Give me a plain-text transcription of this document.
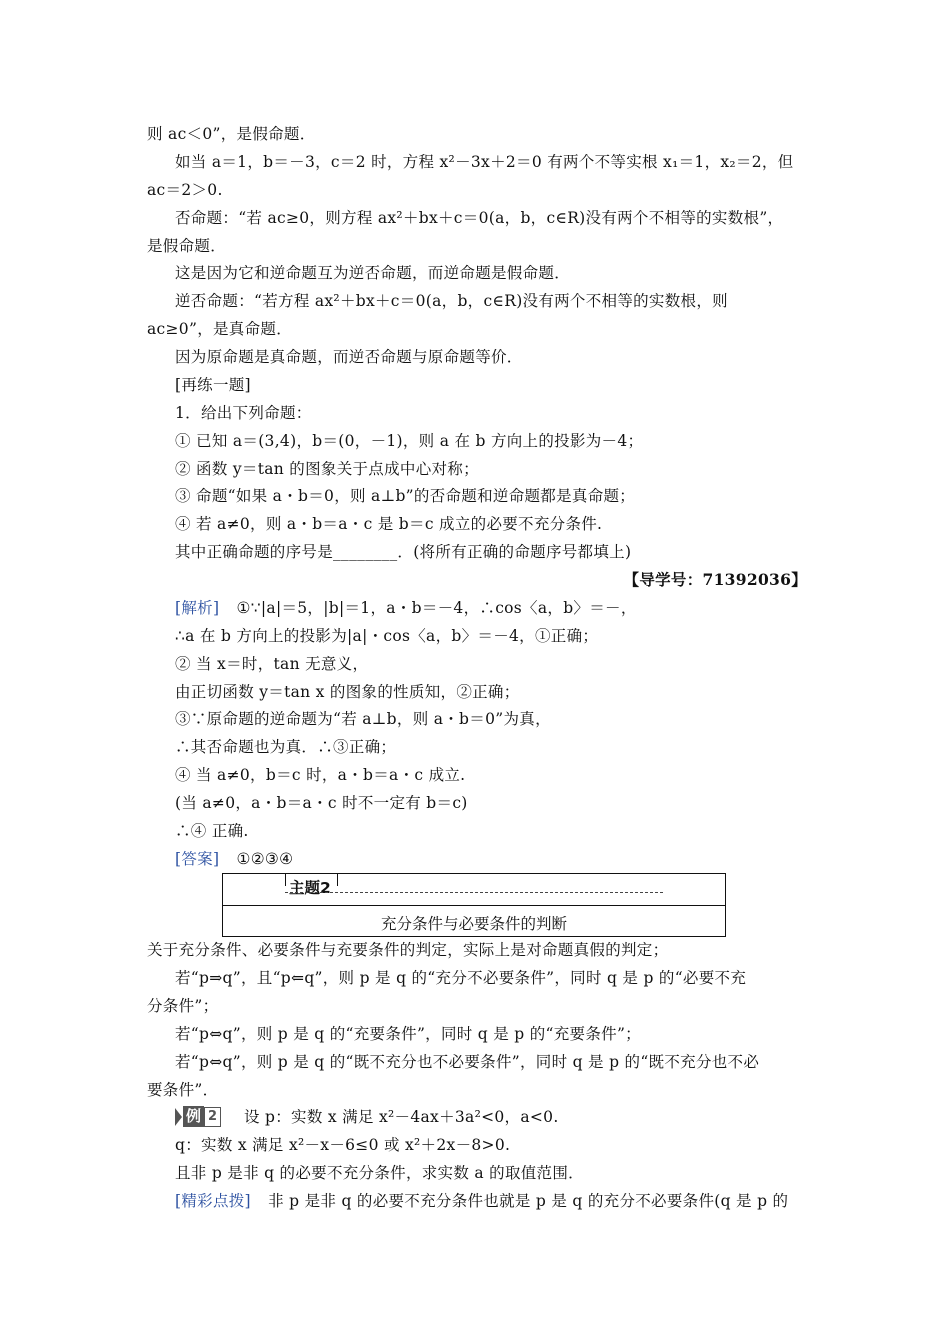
则 ac＜0”，是假命题．
如当 a＝1，b＝－3，c＝2 时，方程 x²－3x＋2＝0 有两个不等实根 x₁＝1，x₂＝2，但
ac＝2＞0.
否命题：“若 ac≥0，则方程 ax²＋bx＋c＝0(a，b，c∈R)没有两个不相等的实数根”，
是假命题．
这是因为它和逆命题互为逆否命题，而逆命题是假命题．
逆否命题：“若方程 ax²＋bx＋c＝0(a，b，c∈R)没有两个不相等的实数根，则
ac≥0”，是真命题．
因为原命题是真命题，而逆否命题与原命题等价．
[再练一题]
1．给出下列命题：
① 已知 a＝(3,4)，b＝(0，－1)，则 a 在 b 方向上的投影为－4；
② 函数 y＝tan 的图象关于点成中心对称；
③ 命题“如果 a・b＝0，则 a⊥b”的否命题和逆命题都是真命题；
④ 若 a≠0，则 a・b＝a・c 是 b＝c 成立的必要不充分条件.
其中正确命题的序号是________．(将所有正确的命题序号都填上)
【导学号：71392036】
[解析] ①∵|a|＝5，|b|＝1，a・b＝－4，∴cos〈a，b〉＝－，
∴a 在 b 方向上的投影为|a|・cos〈a，b〉＝－4，①正确；
② 当 x＝时，tan 无意义，
由正切函数 y＝tan x 的图象的性质知，②正确；
③∵原命题的逆命题为“若 a⊥b，则 a・b＝0”为真，
∴其否命题也为真．∴③正确；
④ 当 a≠0，b＝c 时，a・b＝a・c 成立.
(当 a≠0，a・b＝a・c 时不一定有 b＝c)
∴④ 正确.
[答案] ①②③④
主题2
充分条件与必要条件的判断
关于充分条件、必要条件与充要条件的判定，实际上是对命题真假的判定；
若“p⇒q”，且“p⇐q”，则 p 是 q 的“充分不必要条件”，同时 q 是 p 的“必要不充
分条件”；
若“p⇔q”，则 p 是 q 的“充要条件”，同时 q 是 p 的“充要条件”；
若“p⇔q”，则 p 是 q 的“既不充分也不必要条件”，同时 q 是 p 的“既不充分也不必
要条件”．
例 2 设 p：实数 x 满足 x²－4ax＋3a²<0，a<0.
q：实数 x 满足 x²－x－6≤0 或 x²＋2x－8>0.
且非 p 是非 q 的必要不充分条件，求实数 a 的取值范围．
[精彩点拨] 非 p 是非 q 的必要不充分条件也就是 p 是 q 的充分不必要条件(q 是 p 的
